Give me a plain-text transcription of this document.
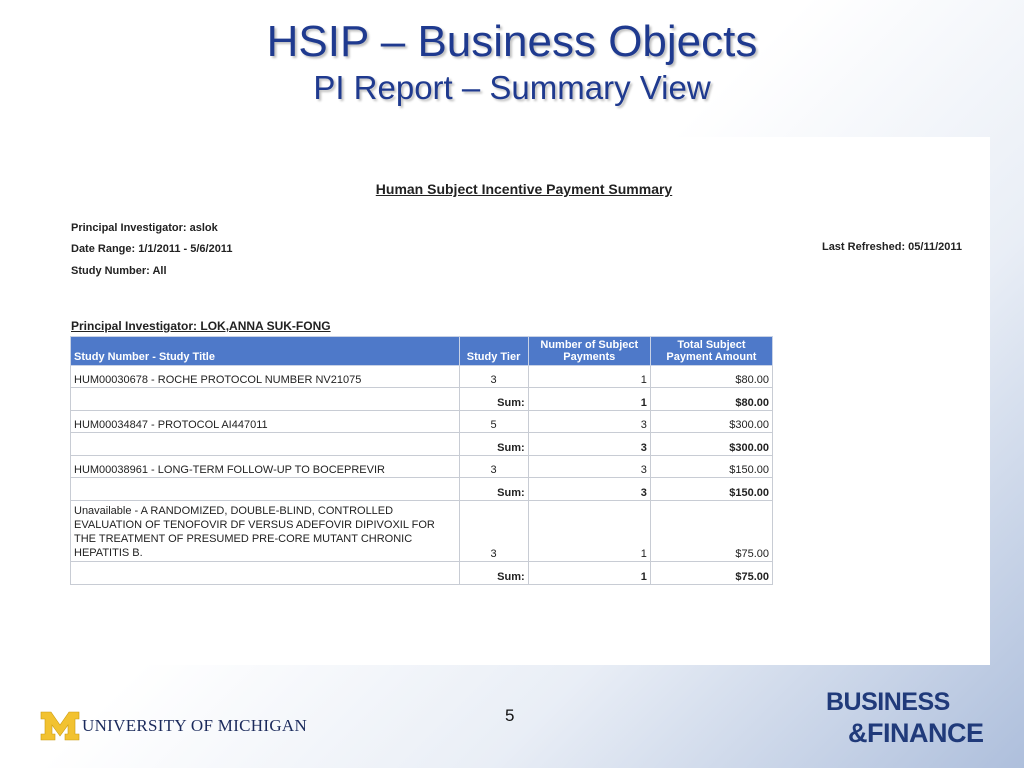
HSIP – Business Objects
PI Report – Summary View
Human Subject Incentive Payment Summary
Principal Investigator: aslok
Date Range: 1/1/2011 - 5/6/2011
Study Number: All
Last Refreshed: 05/11/2011
Principal Investigator: LOK,ANNA SUK-FONG
Study Number - Study Title	Study Tier	Number of Subject Payments	Total Subject Payment Amount
HUM00030678 - ROCHE PROTOCOL NUMBER NV21075	3	1	$80.00
	Sum:	1	$80.00
HUM00034847 - PROTOCOL AI447011	5	3	$300.00
	Sum:	3	$300.00
HUM00038961 - LONG-TERM FOLLOW-UP TO BOCEPREVIR	3	3	$150.00
	Sum:	3	$150.00

Unavailable - A RANDOMIZED, DOUBLE-BLIND, CONTROLLED
EVALUATION OF TENOFOVIR DF VERSUS ADEFOVIR DIPIVOXIL FOR
THE TREATMENT OF PRESUMED PRE-CORE MUTANT CHRONIC
HEPATITIS B.	3	1	$75.00
	Sum:	1	$75.00
5
UNIVERSITY OF MICHIGAN
BUSINESS
&FINANCE
